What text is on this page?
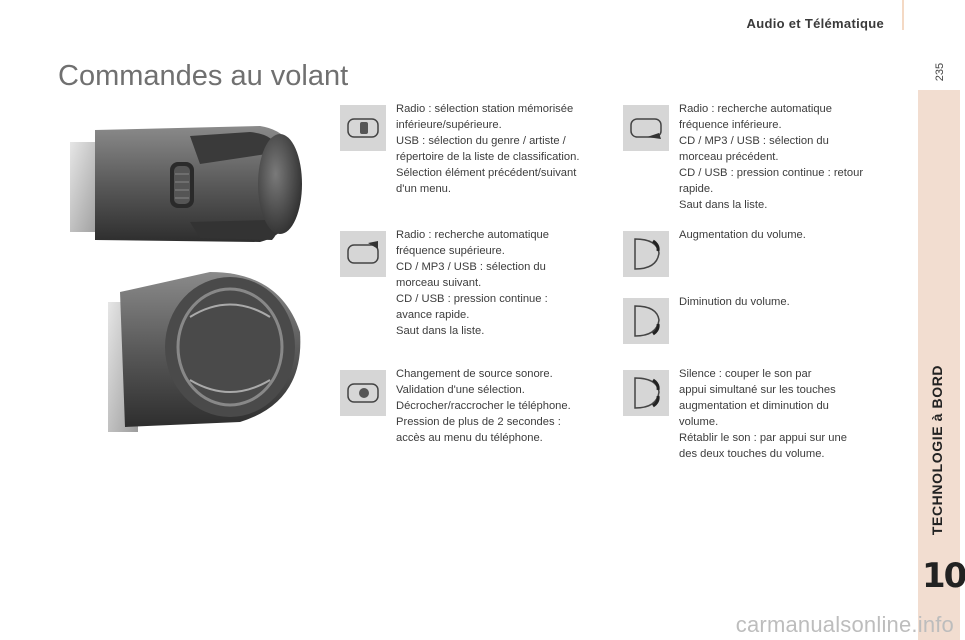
Audio et Télématique
235
TECHNOLOGIE à BORD
10
Commandes au volant
Radio : sélection station mémorisée
inférieure/supérieure.
USB : sélection du genre / artiste /
répertoire de la liste de classification.
Sélection élément précédent/suivant
d'un menu.
Radio : recherche automatique
fréquence supérieure.
CD / MP3 / USB : sélection du
morceau suivant.
CD / USB : pression continue :
avance rapide.
Saut dans la liste.
Changement de source sonore.
Validation d'une sélection.
Décrocher/raccrocher le téléphone.
Pression de plus de 2 secondes :
accès au menu du téléphone.
Radio : recherche automatique
fréquence inférieure.
CD / MP3 / USB : sélection du
morceau précédent.
CD / USB : pression continue : retour
rapide.
Saut dans la liste.
Augmentation du volume.
Diminution du volume.
Silence : couper le son par
appui simultané sur les touches
augmentation et diminution du
volume.
Rétablir le son : par appui sur une
des deux touches du volume.
carmanualsonline.info
